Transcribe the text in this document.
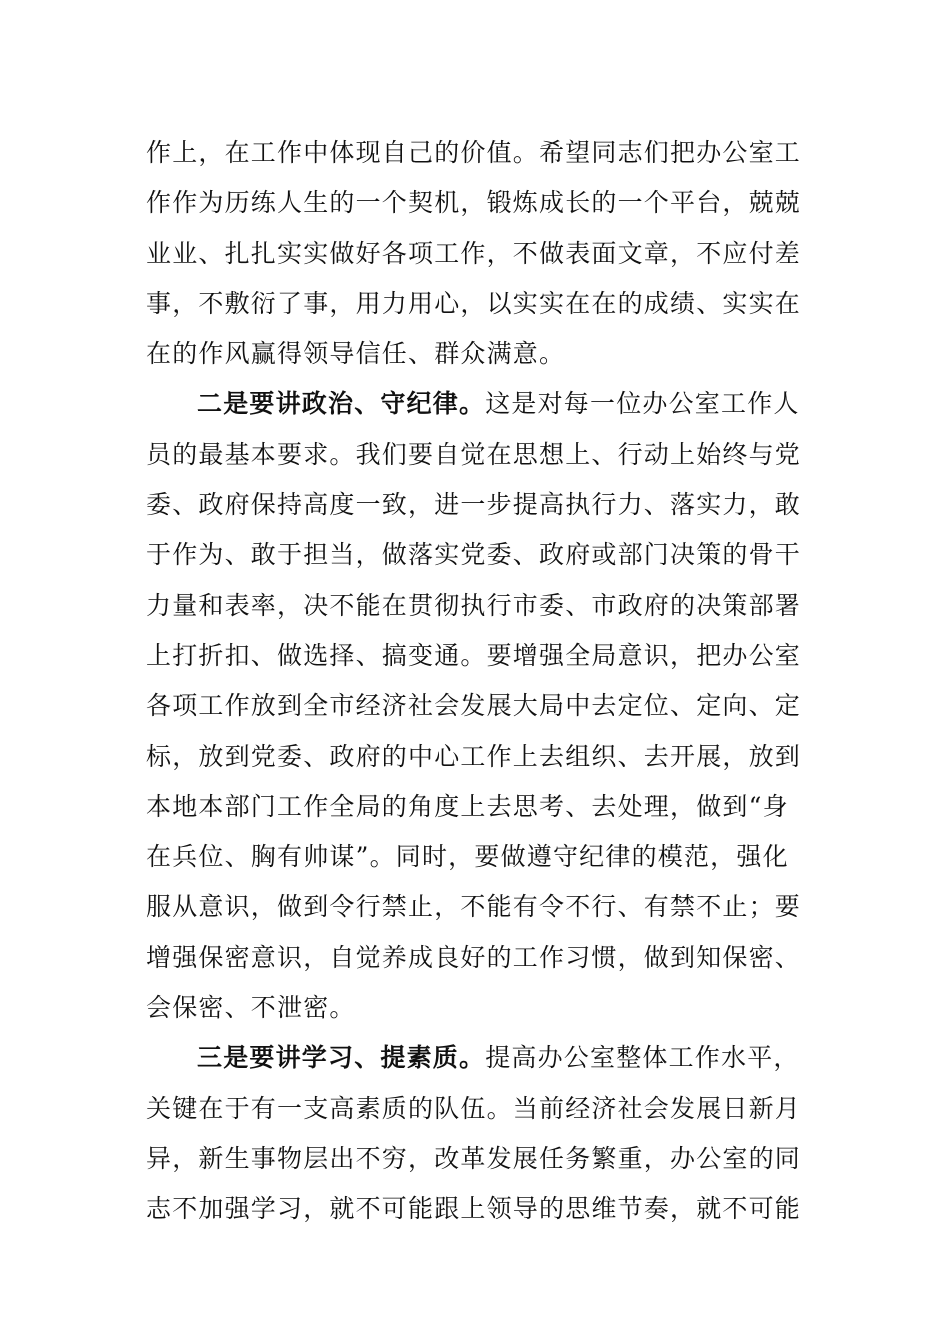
作上，在工作中体现自己的价值。希望同志们把办公室工
作作为历练人生的一个契机，锻炼成长的一个平台，兢兢
业业、扎扎实实做好各项工作，不做表面文章，不应付差
事，不敷衍了事，用力用心，以实实在在的成绩、实实在
在的作风赢得领导信任、群众满意。
二是要讲政治、守纪律。这是对每一位办公室工作人
员的最基本要求。我们要自觉在思想上、行动上始终与党
委、政府保持高度一致，进一步提高执行力、落实力，敢
于作为、敢于担当，做落实党委、政府或部门决策的骨干
力量和表率，决不能在贯彻执行市委、市政府的决策部署
上打折扣、做选择、搞变通。要增强全局意识，把办公室
各项工作放到全市经济社会发展大局中去定位、定向、定
标，放到党委、政府的中心工作上去组织、去开展，放到
本地本部门工作全局的角度上去思考、去处理，做到“身
在兵位、胸有帅谋”。同时，要做遵守纪律的模范，强化
服从意识，做到令行禁止，不能有令不行、有禁不止；要
增强保密意识，自觉养成良好的工作习惯，做到知保密、
会保密、不泄密。
三是要讲学习、提素质。提高办公室整体工作水平，
关键在于有一支高素质的队伍。当前经济社会发展日新月
异，新生事物层出不穷，改革发展任务繁重，办公室的同
志不加强学习，就不可能跟上领导的思维节奏，就不可能
